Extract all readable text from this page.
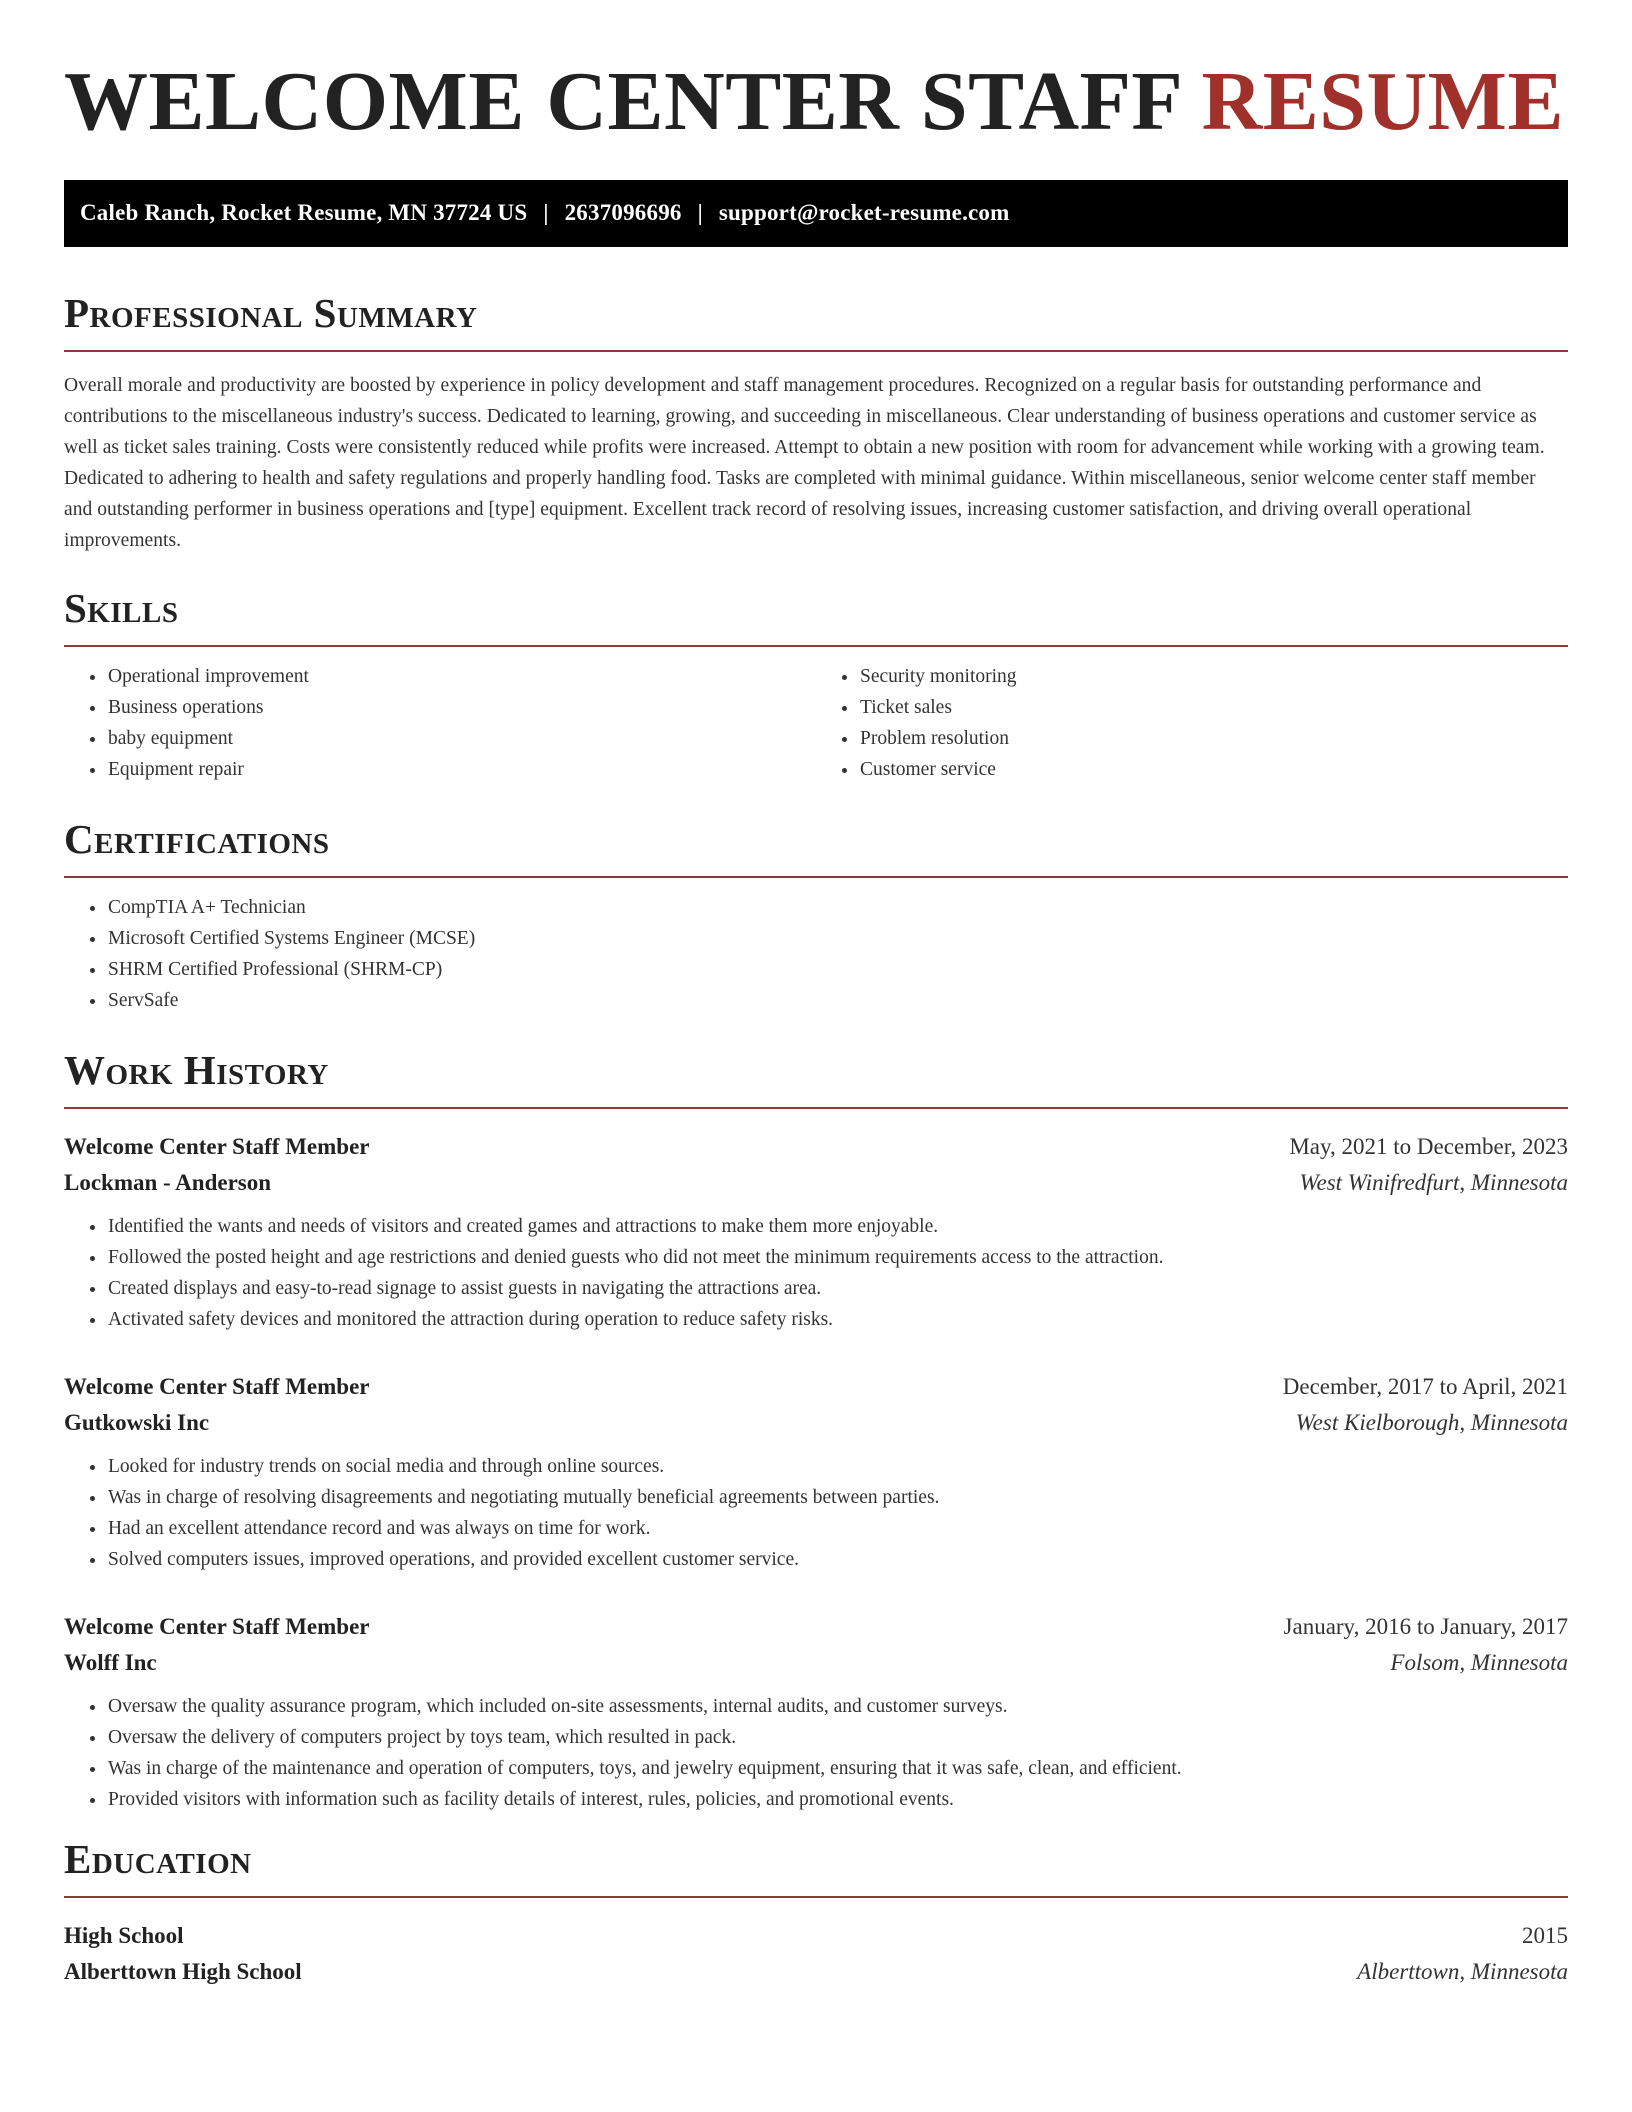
WELCOME CENTER STAFF RESUME
Caleb Ranch, Rocket Resume, MN 37724 US | 2637096696 | support@rocket-resume.com
Professional Summary

Overall morale and productivity are boosted by experience in policy development and staff management procedures. Recognized on a regular basis for outstanding performance and contributions to the miscellaneous industry's success. Dedicated to learning, growing, and succeeding in miscellaneous. Clear understanding of business operations and customer service as well as ticket sales training. Costs were consistently reduced while profits were increased. Attempt to obtain a new position with room for advancement while working with a growing team. Dedicated to adhering to health and safety regulations and properly handling food. Tasks are completed with minimal guidance. Within miscellaneous, senior welcome center staff member and outstanding performer in business operations and [type] equipment. Excellent track record of resolving issues, increasing customer satisfaction, and driving overall operational improvements.

Skills
• Operational improvement
• Business operations
• baby equipment
• Equipment repair
• Security monitoring
• Ticket sales
• Problem resolution
• Customer service
Certifications
• CompTIA A+ Technician
• Microsoft Certified Systems Engineer (MCSE)
• SHRM Certified Professional (SHRM-CP)
• ServSafe
Work History
Welcome Center Staff Member	May, 2021 to December, 2023
Lockman - Anderson	West Winifredfurt, Minnesota
• Identified the wants and needs of visitors and created games and attractions to make them more enjoyable.
• Followed the posted height and age restrictions and denied guests who did not meet the minimum requirements access to the attraction.
• Created displays and easy-to-read signage to assist guests in navigating the attractions area.
• Activated safety devices and monitored the attraction during operation to reduce safety risks.
Welcome Center Staff Member	December, 2017 to April, 2021
Gutkowski Inc	West Kielborough, Minnesota
• Looked for industry trends on social media and through online sources.
• Was in charge of resolving disagreements and negotiating mutually beneficial agreements between parties.
• Had an excellent attendance record and was always on time for work.
• Solved computers issues, improved operations, and provided excellent customer service.
Welcome Center Staff Member	January, 2016 to January, 2017
Wolff Inc	Folsom, Minnesota
• Oversaw the quality assurance program, which included on-site assessments, internal audits, and customer surveys.
• Oversaw the delivery of computers project by toys team, which resulted in pack.
• Was in charge of the maintenance and operation of computers, toys, and jewelry equipment, ensuring that it was safe, clean, and efficient.
• Provided visitors with information such as facility details of interest, rules, policies, and promotional events.
Education
High School	2015
Alberttown High School	Alberttown, Minnesota
